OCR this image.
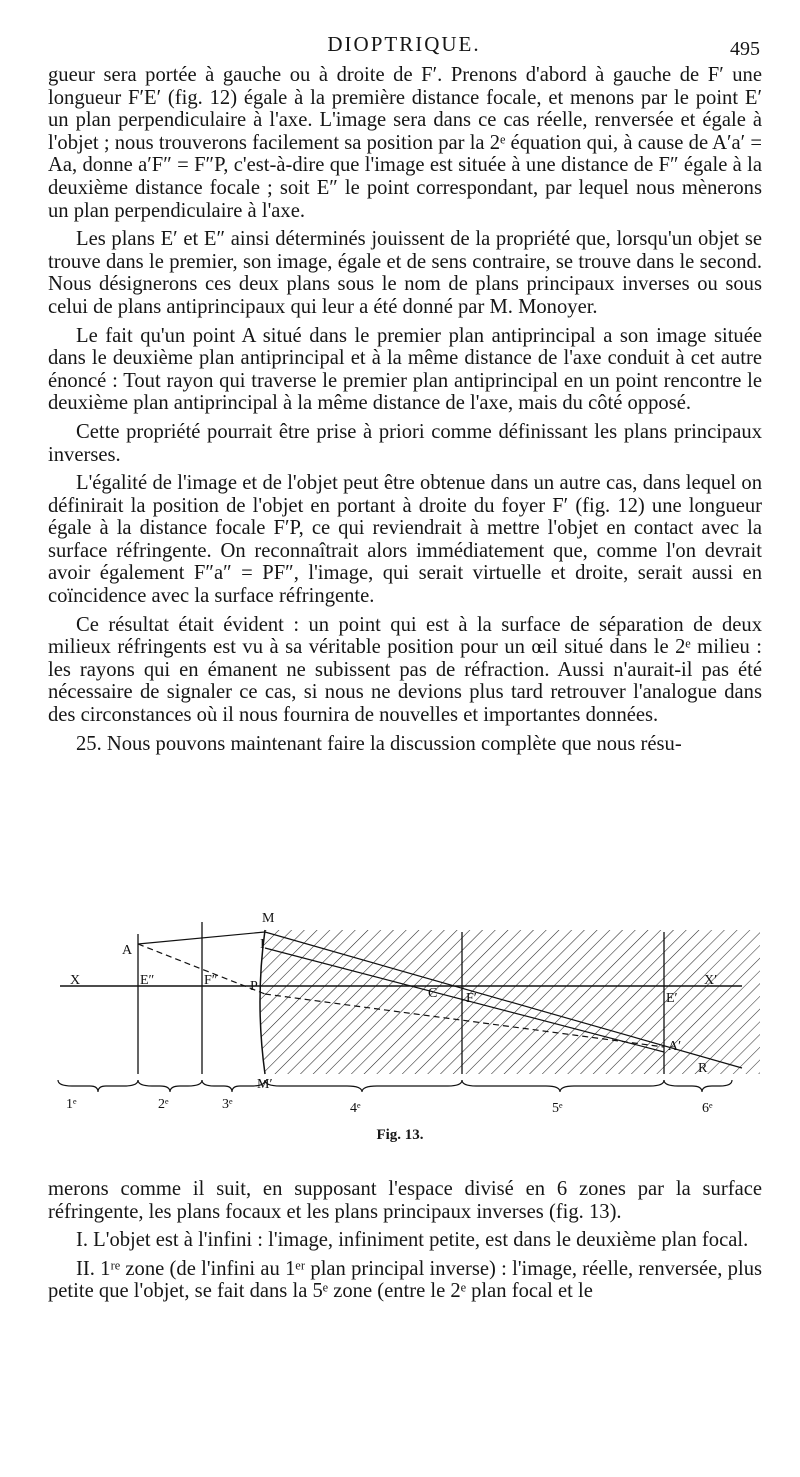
DIOPTRIQUE.	495

gueur sera portée à gauche ou à droite de F′. Prenons d'abord à gauche de F′ une longueur F′E′ (fig. 12) égale à la première distance focale, et menons par le point E′ un plan perpendiculaire à l'axe. L'image sera dans ce cas réelle, renversée et égale à l'objet ; nous trouverons facilement sa position par la 2ᵉ équation qui, à cause de A′a′ = Aa, donne a′F″ = F″P, c'est-à-dire que l'image est située à une distance de F″ égale à la deuxième distance focale ; soit E″ le point correspondant, par lequel nous mènerons un plan perpendiculaire à l'axe.

Les plans E′ et E″ ainsi déterminés jouissent de la propriété que, lorsqu'un objet se trouve dans le premier, son image, égale et de sens contraire, se trouve dans le second. Nous désignerons ces deux plans sous le nom de plans principaux inverses ou sous celui de plans antiprincipaux qui leur a été donné par M. Monoyer.

Le fait qu'un point A situé dans le premier plan antiprincipal a son image située dans le deuxième plan antiprincipal et à la même distance de l'axe conduit à cet autre énoncé : Tout rayon qui traverse le premier plan antiprincipal en un point rencontre le deuxième plan antiprincipal à la même distance de l'axe, mais du côté opposé.

Cette propriété pourrait être prise à priori comme définissant les plans principaux inverses.

L'égalité de l'image et de l'objet peut être obtenue dans un autre cas, dans lequel on définirait la position de l'objet en portant à droite du foyer F′ (fig. 12) une longueur égale à la distance focale F′P, ce qui reviendrait à mettre l'objet en contact avec la surface réfringente. On reconnaîtrait alors immédiatement que, comme l'on devrait avoir également F″a″ = PF″, l'image, qui serait virtuelle et droite, serait aussi en coïncidence avec la surface réfringente.

Ce résultat était évident : un point qui est à la surface de séparation de deux milieux réfringents est vu à sa véritable position pour un œil situé dans le 2ᵉ milieu : les rayons qui en émanent ne subissent pas de réfraction. Aussi n'aurait-il pas été nécessaire de signaler ce cas, si nous ne devions plus tard retrouver l'analogue dans des circonstances où il nous fournira de nouvelles et importantes données.

25. Nous pouvons maintenant faire la discussion complète que nous résu-

M
M′
I
A
X	X′
E″	F″ P	C F′	E′
A′
R
1ᵉ	2ᵉ	3ᵉ	4ᵉ	5ᵉ	6ᵉ
Fig. 13.

merons comme il suit, en supposant l'espace divisé en 6 zones par la surface réfringente, les plans focaux et les plans principaux inverses (fig. 13).

I. L'objet est à l'infini : l'image, infiniment petite, est dans le deuxième plan focal.

II. 1ʳᵉ zone (de l'infini au 1ᵉʳ plan principal inverse) : l'image, réelle, renversée, plus petite que l'objet, se fait dans la 5ᵉ zone (entre le 2ᵉ plan focal et le
